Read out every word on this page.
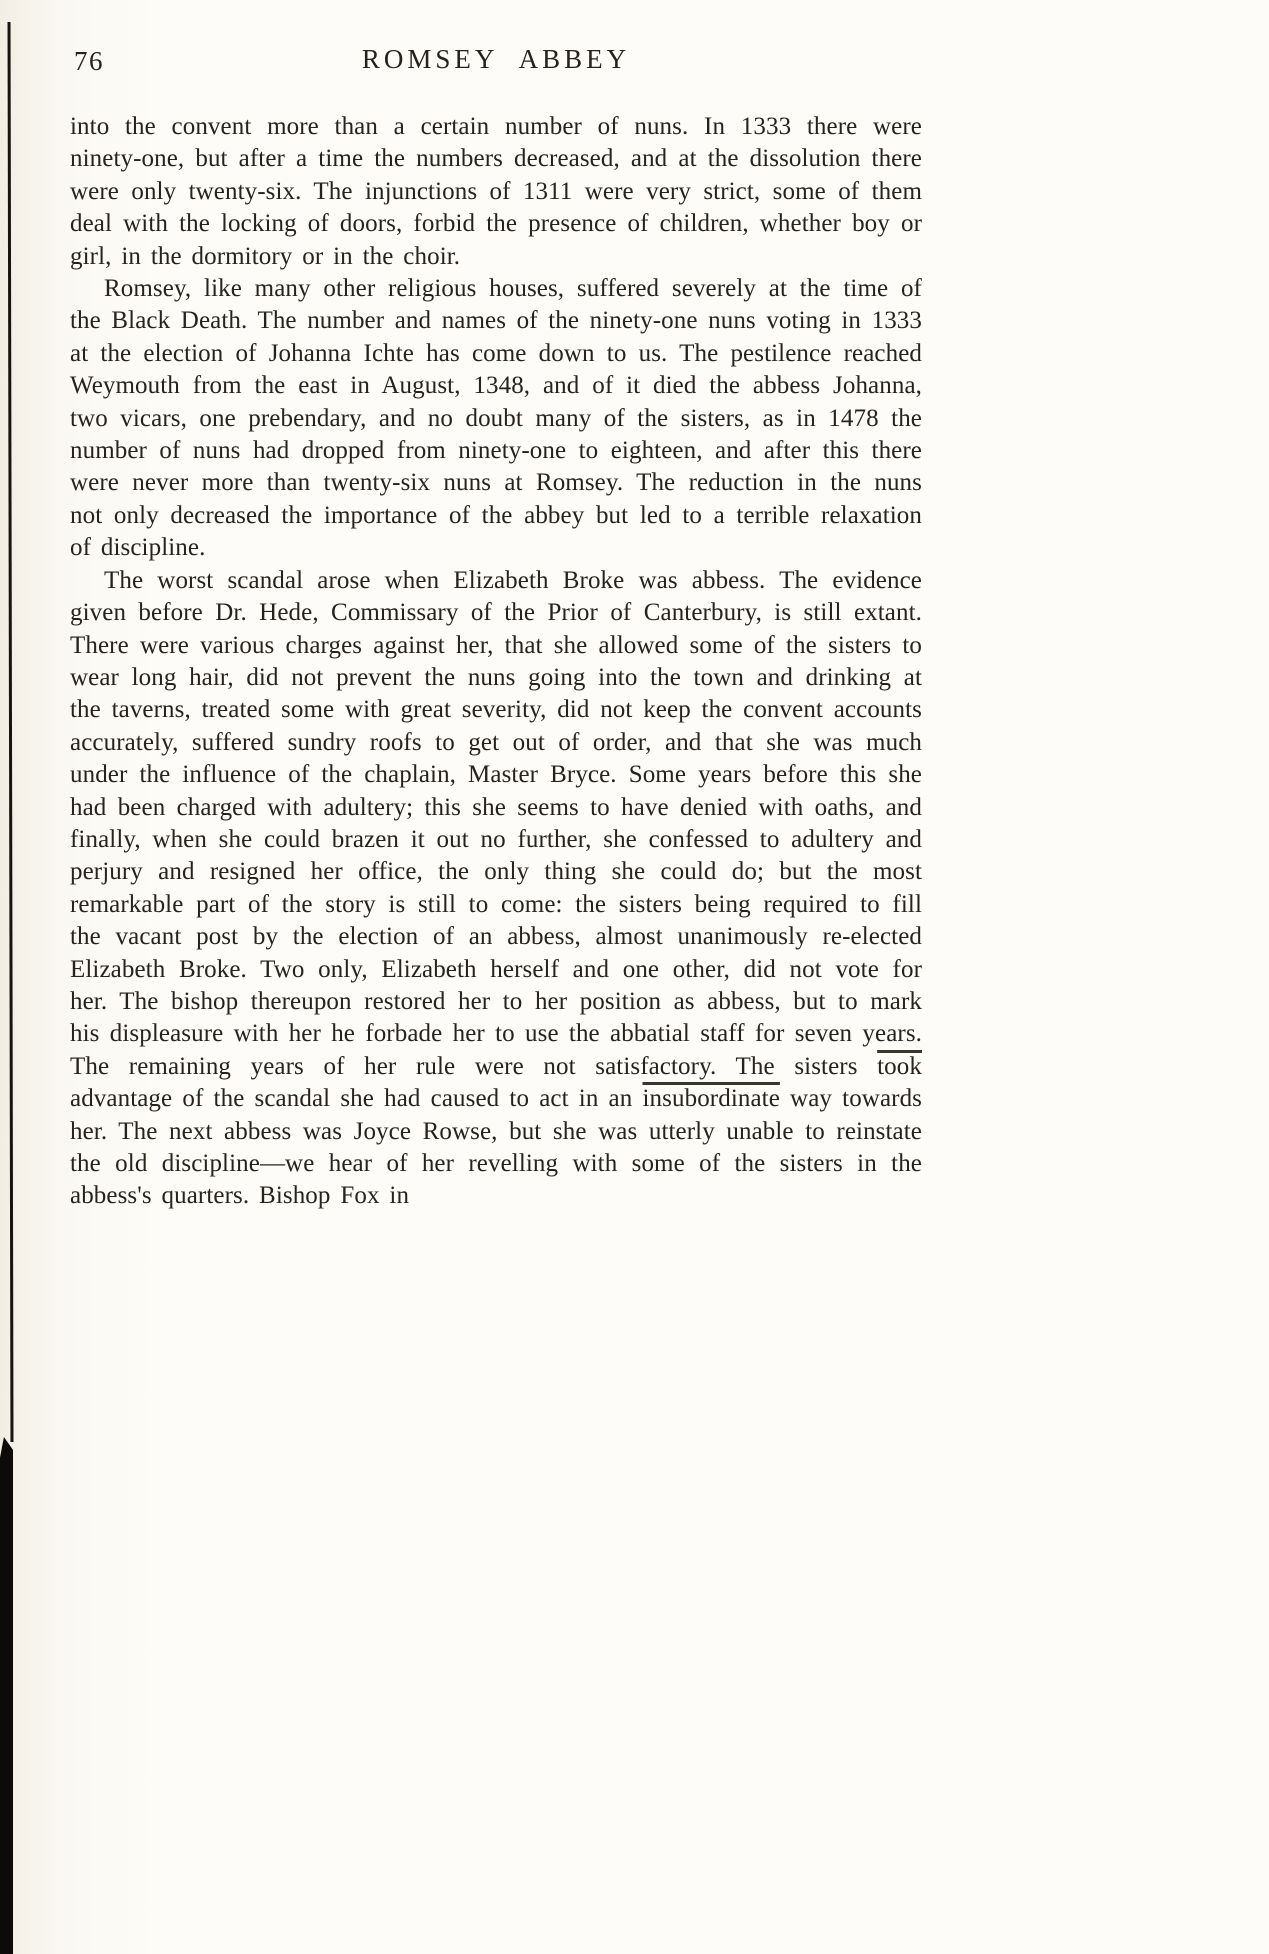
76	ROMSEY ABBEY

into the convent more than a certain number of nuns. In 1333 there were ninety-one, but after a time the numbers decreased, and at the dissolution there were only twenty-six. The injunctions of 1311 were very strict, some of them deal with the locking of doors, forbid the presence of children, whether boy or girl, in the dormitory or in the choir.

Romsey, like many other religious houses, suffered severely at the time of the Black Death. The number and names of the ninety-one nuns voting in 1333 at the election of Johanna Ichte has come down to us. The pestilence reached Weymouth from the east in August, 1348, and of it died the abbess Johanna, two vicars, one prebendary, and no doubt many of the sisters, as in 1478 the number of nuns had dropped from ninety-one to eighteen, and after this there were never more than twenty-six nuns at Romsey. The reduction in the nuns not only decreased the importance of the abbey but led to a terrible relaxation of discipline.

The worst scandal arose when Elizabeth Broke was abbess. The evidence given before Dr. Hede, Commissary of the Prior of Canterbury, is still extant. There were various charges against her, that she allowed some of the sisters to wear long hair, did not prevent the nuns going into the town and drinking at the taverns, treated some with great severity, did not keep the convent accounts accurately, suffered sundry roofs to get out of order, and that she was much under the influence of the chaplain, Master Bryce. Some years before this she had been charged with adultery; this she seems to have denied with oaths, and finally, when she could brazen it out no further, she confessed to adultery and perjury and resigned her office, the only thing she could do; but the most remarkable part of the story is still to come: the sisters being required to fill the vacant post by the election of an abbess, almost unanimously re-elected Elizabeth Broke. Two only, Elizabeth herself and one other, did not vote for her. The bishop thereupon restored her to her position as abbess, but to mark his displeasure with her he forbade her to use the abbatial staff for seven years. The remaining years of her rule were not satisfactory. The sisters took advantage of the scandal she had caused to act in an insubordinate way towards her. The next abbess was Joyce Rowse, but she was utterly unable to reinstate the old discipline—we hear of her revelling with some of the sisters in the abbess's quarters. Bishop Fox in
